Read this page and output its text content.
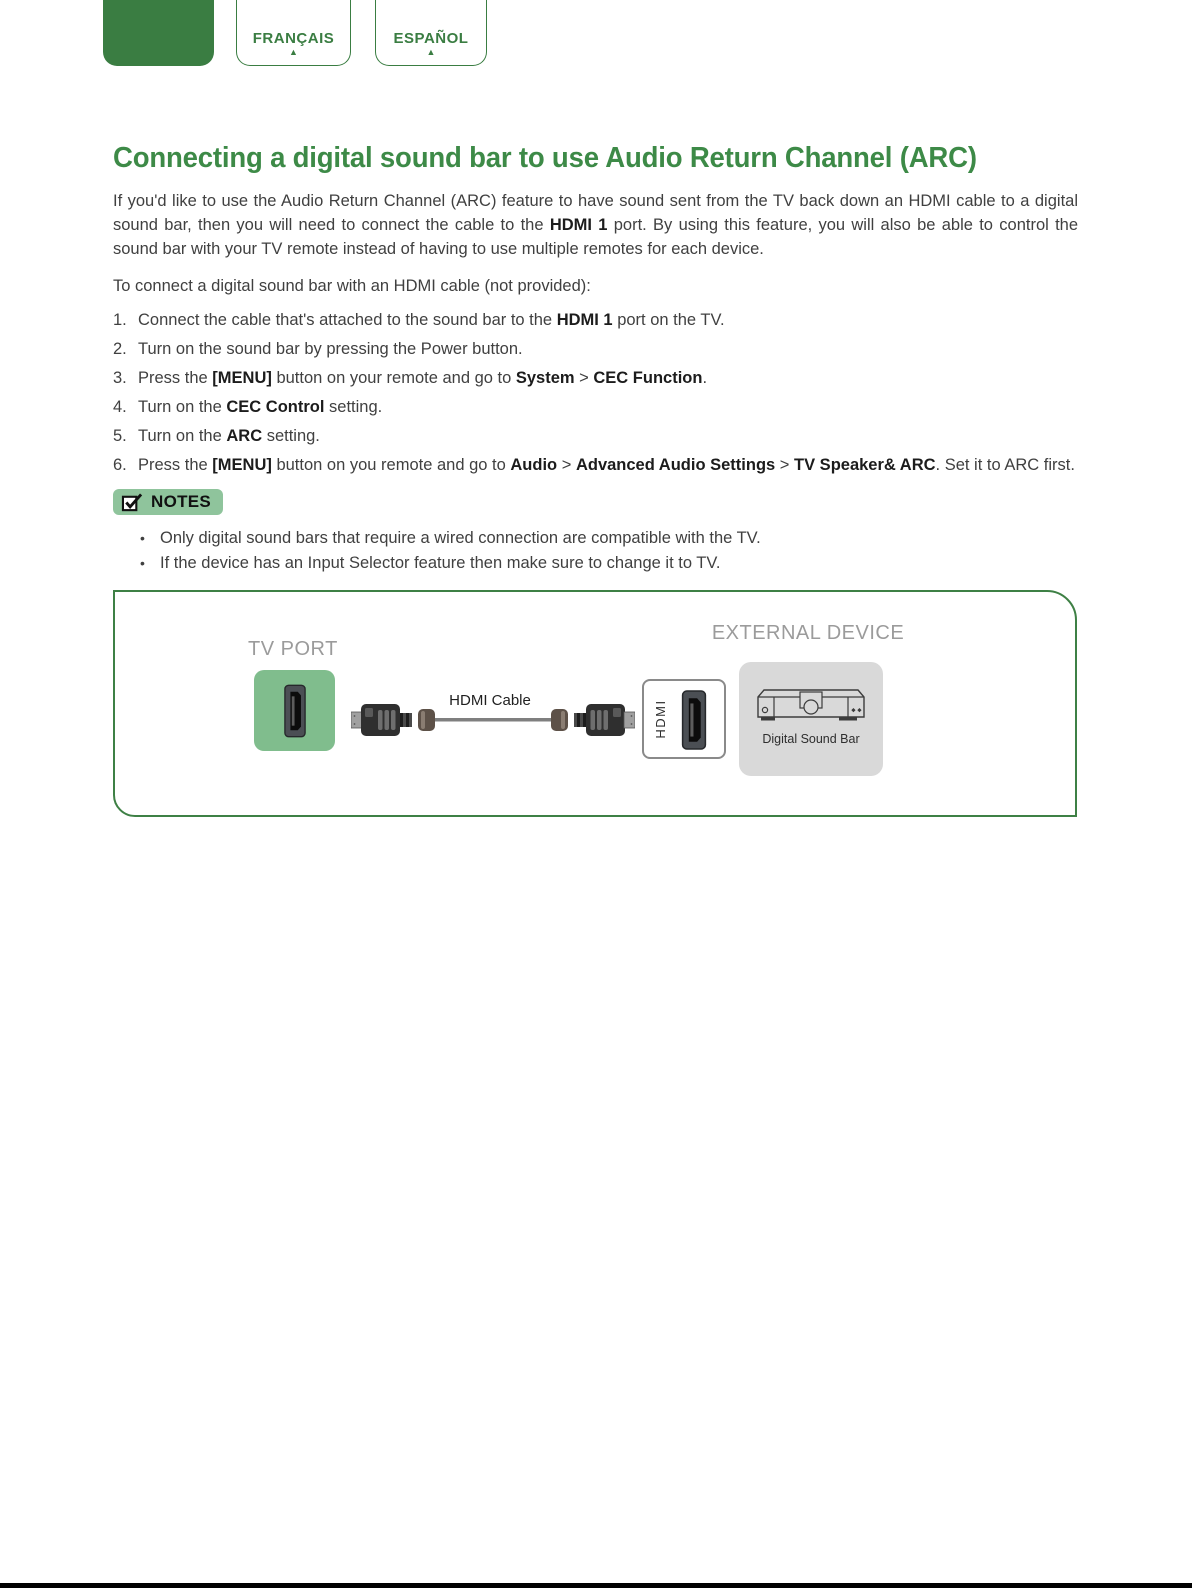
FRANÇAIS
▲
ESPAÑOL
▲
Connecting a digital sound bar to use Audio Return Channel (ARC)

If you'd like to use the Audio Return Channel (ARC) feature to have sound sent from the TV back down an HDMI cable to a digital sound bar, then you will need to connect the cable to the HDMI 1 port. By using this feature, you will also be able to control the sound bar with your TV remote instead of having to use multiple remotes for each device.

To connect a digital sound bar with an HDMI cable (not provided):

1. Connect the cable that's attached to the sound bar to the HDMI 1 port on the TV.
2. Turn on the sound bar by pressing the Power button.
3. Press the [MENU] button on your remote and go to System > CEC Function.
4. Turn on the CEC Control setting.
5. Turn on the ARC setting.
6. Press the [MENU] button on you remote and go to Audio > Advanced Audio Settings > TV Speaker& ARC. Set it to ARC first.
NOTES
• Only digital sound bars that require a wired connection are compatible with the TV.
• If the device has an Input Selector feature then make sure to change it to TV.
TV PORT
EXTERNAL DEVICE
HDMI Cable	HDMI
Digital Sound Bar
